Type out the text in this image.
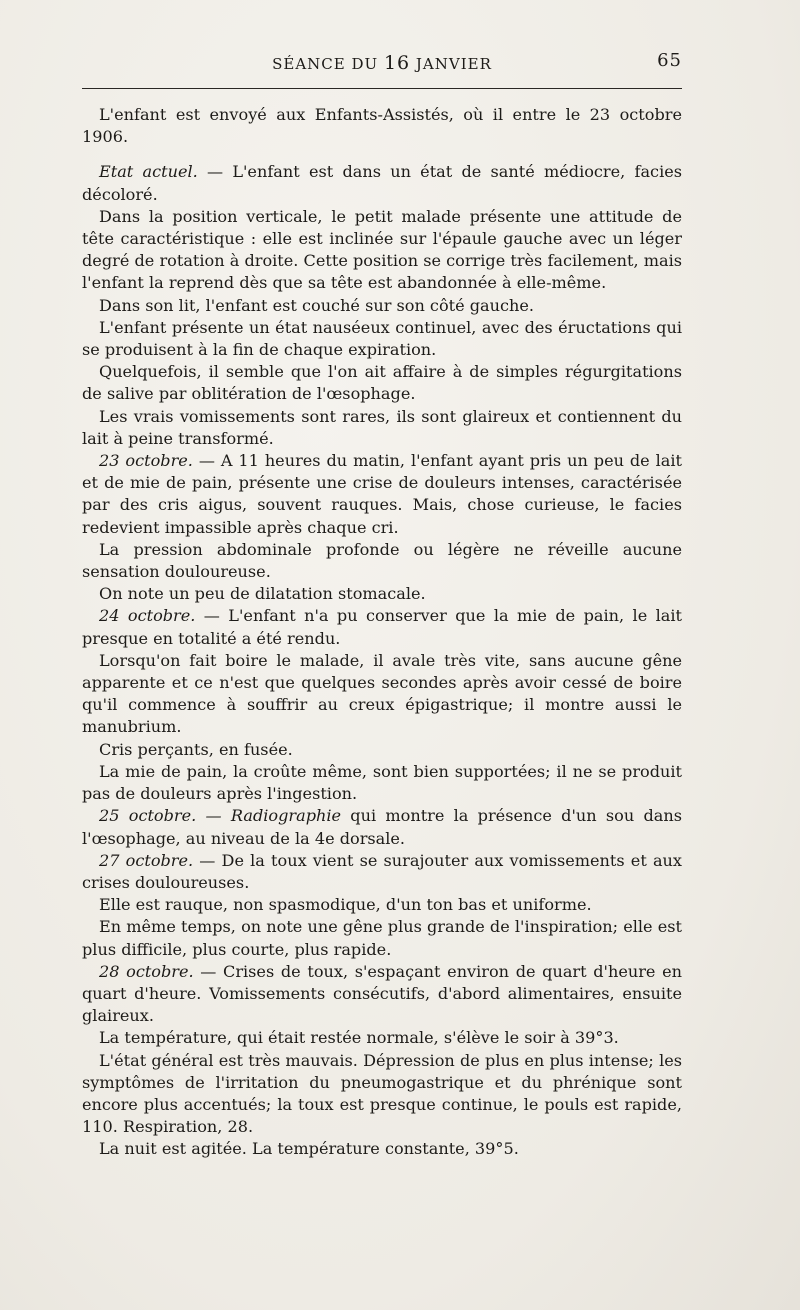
SÉANCE DU 16 JANVIER	65

L'enfant est envoyé aux Enfants-Assistés, où il entre le 23 octobre 1906.

Etat actuel. — L'enfant est dans un état de santé médiocre, facies décoloré.

Dans la position verticale, le petit malade présente une attitude de tête caractéristique : elle est inclinée sur l'épaule gauche avec un léger degré de rotation à droite. Cette position se corrige très facilement, mais l'enfant la reprend dès que sa tête est abandonnée à elle-même.

Dans son lit, l'enfant est couché sur son côté gauche.

L'enfant présente un état nauséeux continuel, avec des éructations qui se produisent à la fin de chaque expiration.

Quelquefois, il semble que l'on ait affaire à de simples régurgitations de salive par oblitération de l'œsophage.

Les vrais vomissements sont rares, ils sont glaireux et contiennent du lait à peine transformé.

23 octobre. — A 11 heures du matin, l'enfant ayant pris un peu de lait et de mie de pain, présente une crise de douleurs intenses, caractérisée par des cris aigus, souvent rauques. Mais, chose curieuse, le facies redevient impassible après chaque cri.

La pression abdominale profonde ou légère ne réveille aucune sensation douloureuse.

On note un peu de dilatation stomacale.

24 octobre. — L'enfant n'a pu conserver que la mie de pain, le lait presque en totalité a été rendu.

Lorsqu'on fait boire le malade, il avale très vite, sans aucune gêne apparente et ce n'est que quelques secondes après avoir cessé de boire qu'il commence à souffrir au creux épigastrique; il montre aussi le manubrium.

Cris perçants, en fusée.

La mie de pain, la croûte même, sont bien supportées; il ne se produit pas de douleurs après l'ingestion.

25 octobre. — Radiographie qui montre la présence d'un sou dans l'œsophage, au niveau de la 4e dorsale.

27 octobre. — De la toux vient se surajouter aux vomissements et aux crises douloureuses.

Elle est rauque, non spasmodique, d'un ton bas et uniforme.

En même temps, on note une gêne plus grande de l'inspiration; elle est plus difficile, plus courte, plus rapide.

28 octobre. — Crises de toux, s'espaçant environ de quart d'heure en quart d'heure. Vomissements consécutifs, d'abord alimentaires, ensuite glaireux.

La température, qui était restée normale, s'élève le soir à 39°3.

L'état général est très mauvais. Dépression de plus en plus intense; les symptômes de l'irritation du pneumogastrique et du phrénique sont encore plus accentués; la toux est presque continue, le pouls est rapide, 110. Respiration, 28.

La nuit est agitée. La température constante, 39°5.
